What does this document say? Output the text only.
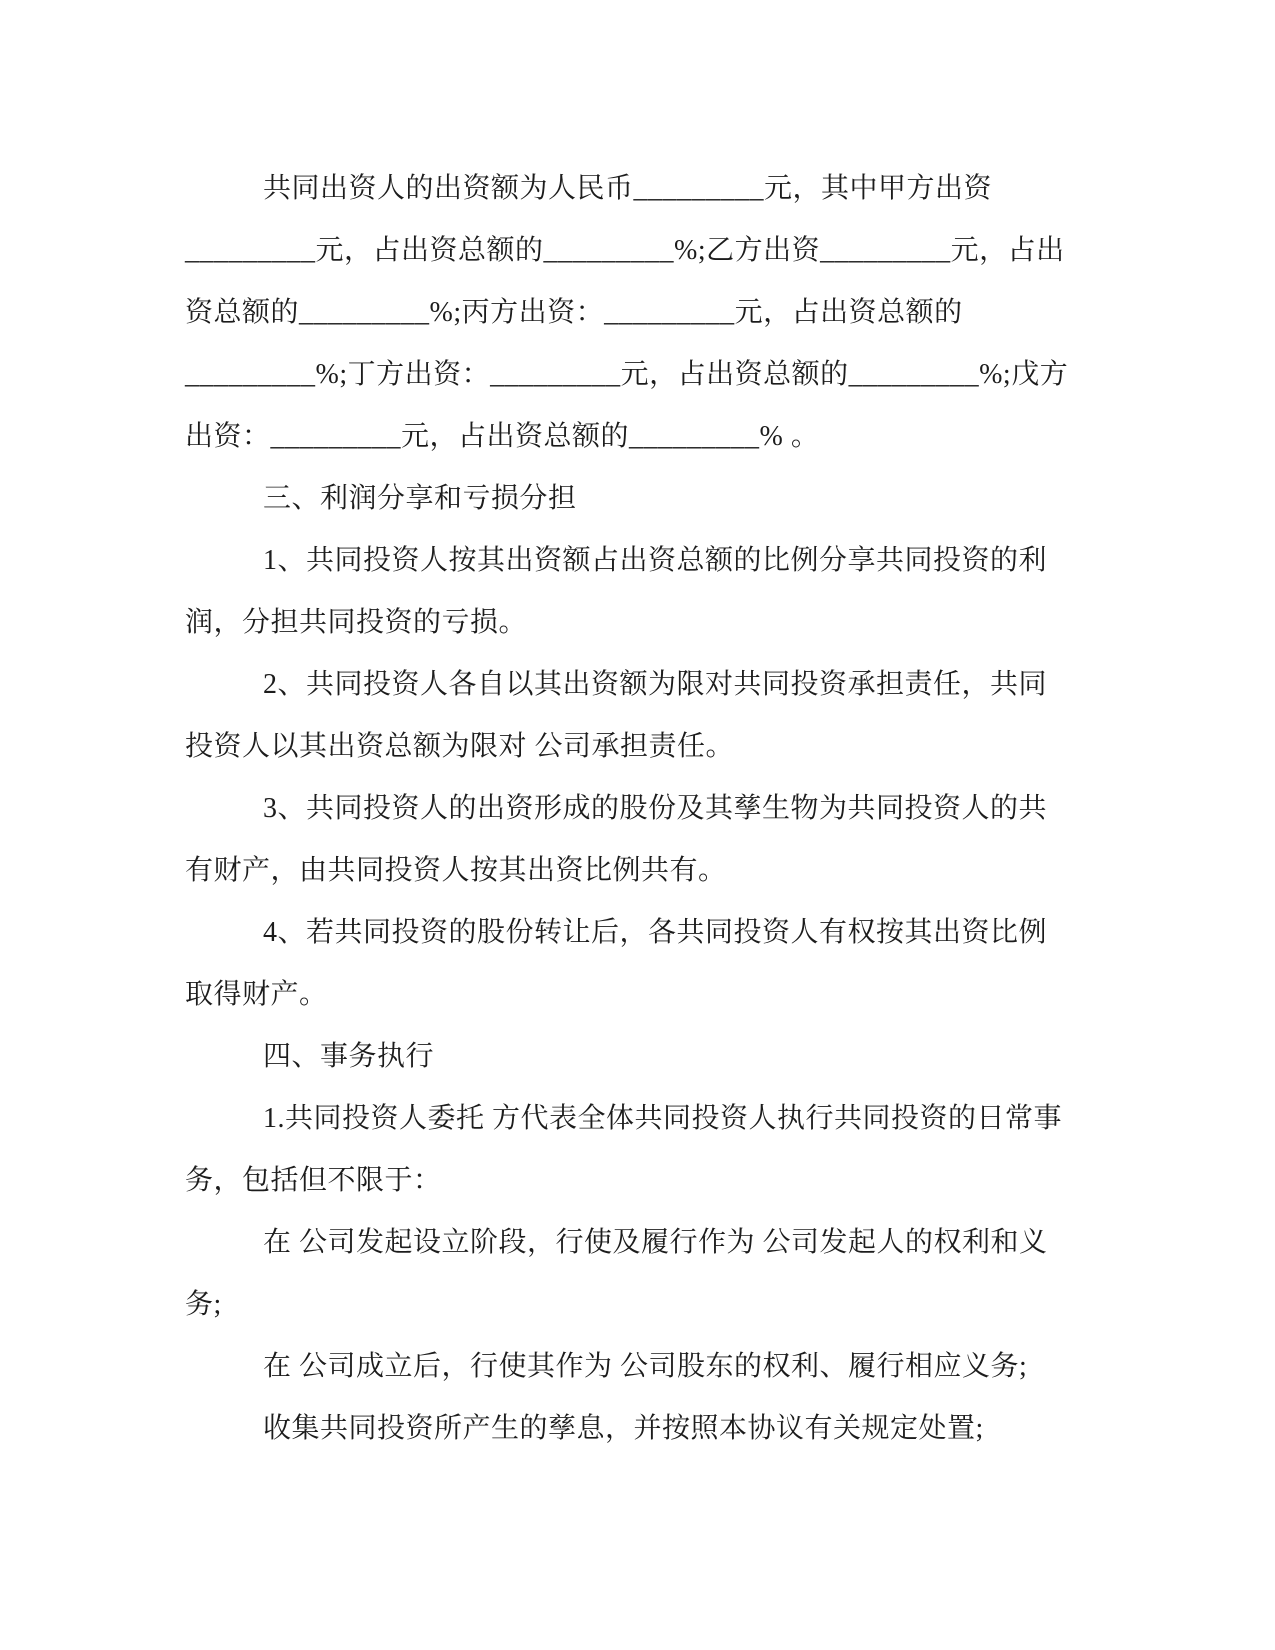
共同出资人的出资额为人民币_________元，其中甲方出资
_________元，占出资总额的_________%;乙方出资_________元，占出
资总额的_________%;丙方出资：_________元，占出资总额的
_________%;丁方出资：_________元，占出资总额的_________%;戊方
出资：_________元，占出资总额的_________% 。
三、利润分享和亏损分担
1、共同投资人按其出资额占出资总额的比例分享共同投资的利
润，分担共同投资的亏损。
2、共同投资人各自以其出资额为限对共同投资承担责任，共同
投资人以其出资总额为限对 公司承担责任。
3、共同投资人的出资形成的股份及其孳生物为共同投资人的共
有财产，由共同投资人按其出资比例共有。
4、若共同投资的股份转让后，各共同投资人有权按其出资比例
取得财产。
四、事务执行
1.共同投资人委托 方代表全体共同投资人执行共同投资的日常事
务，包括但不限于：
在 公司发起设立阶段，行使及履行作为 公司发起人的权利和义
务;
在 公司成立后，行使其作为 公司股东的权利、履行相应义务;
收集共同投资所产生的孳息，并按照本协议有关规定处置;
